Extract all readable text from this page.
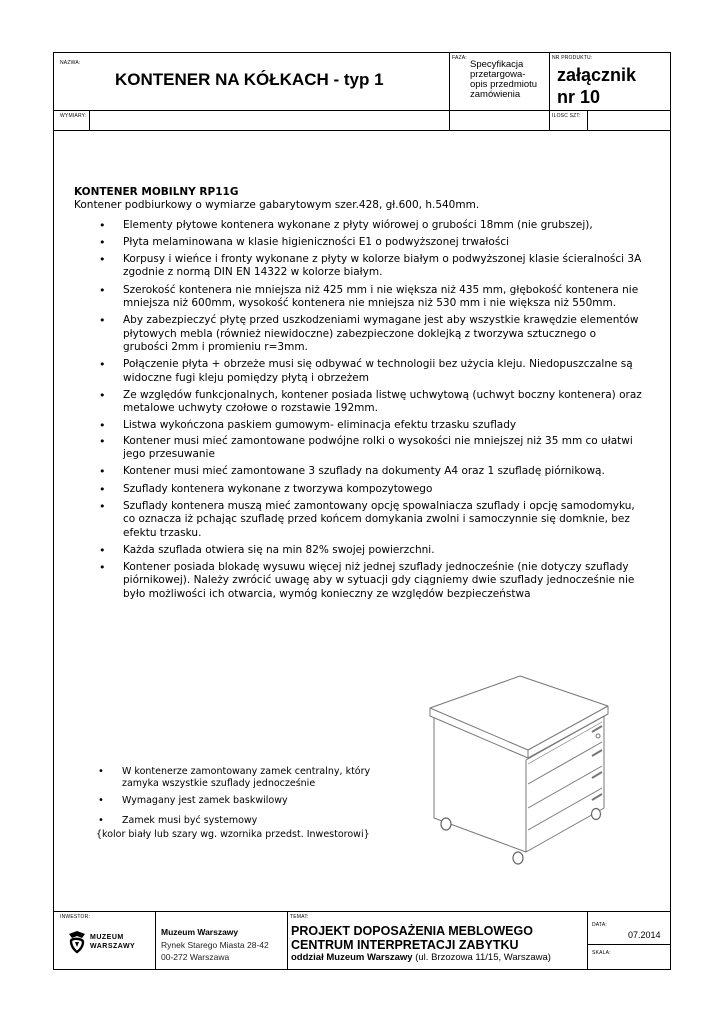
NAZWA:
KONTENER NA KÓŁKACH - typ 1
FAZA:
Specyfikacja
przetargowa-
opis przedmiotu
zamówienia
NR PRODUKTU:
załącznik
nr 10
WYMIARY:	ILOSC SZT:
KONTENER MOBILNY RP11G
Kontener podbiurkowy o wymiarze gabarytowym szer.428, gł.600, h.540mm.
• Elementy płytowe kontenera wykonane z płyty wiórowej o grubości 18mm (nie grubszej),
• Płyta melaminowana w klasie higieniczności E1 o podwyższonej trwałości
• Korpusy i wieńce i fronty wykonane z płyty w kolorze białym o podwyższonej klasie ścieralności 3A zgodnie z normą DIN EN 14322 w kolorze białym.
• Szerokość kontenera nie mniejsza niż 425 mm i nie większa niż 435 mm, głębokość kontenera nie mniejsza niż 600mm, wysokość kontenera nie mniejsza niż 530 mm i nie większa niż 550mm.
• Aby zabezpieczyć płytę przed uszkodzeniami wymagane jest aby wszystkie krawędzie elementów płytowych mebla (również niewidoczne) zabezpieczone doklejką z tworzywa sztucznego o grubości 2mm i promieniu r=3mm.
• Połączenie płyta + obrzeże musi się odbywać w technologii bez użycia kleju. Niedopuszczalne są widoczne fugi kleju pomiędzy płytą i obrzeżem
• Ze względów funkcjonalnych, kontener posiada listwę uchwytową (uchwyt boczny kontenera) oraz metalowe uchwyty czołowe o rozstawie 192mm.
• Listwa wykończona paskiem gumowym- eliminacja efektu trzasku szuflady
• Kontener musi mieć zamontowane podwójne rolki o wysokości nie mniejszej niż 35 mm co ułatwi jego przesuwanie
• Kontener musi mieć zamontowane 3 szuflady na dokumenty A4 oraz 1 szufladę piórnikową.
• Szuflady kontenera wykonane z tworzywa kompozytowego
• Szuflady kontenera muszą mieć zamontowany opcję spowalniacza szuflady i opcję samodomyku, co oznacza iż pchając szufladę przed końcem domykania zwolni i samoczynnie się domknie, bez efektu trzasku.
• Każda szuflada otwiera się na min 82% swojej powierzchni.
• Kontener posiada blokadę wysuwu więcej niż jednej szuflady jednocześnie (nie dotyczy szuflady piórnikowej). Należy zwrócić uwagę aby w sytuacji gdy ciągniemy dwie szuflady jednocześnie nie było możliwości ich otwarcia, wymóg konieczny ze względów bezpieczeństwa
• W kontenerze zamontowany zamek centralny, który zamyka wszystkie szuflady jednocześnie
• Wymagany jest zamek baskwilowy
• Zamek musi być systemowy
{kolor biały lub szary wg. wzornika przedst. Inwestorowi}
INWESTOR:
MUZEUM
WARSZAWY
Muzeum Warszawy
Rynek Starego Miasta 28-42
00-272 Warszawa
TEMAT:
PROJEKT DOPOSAŻENIA MEBLOWEGO
CENTRUM INTERPRETACJI ZABYTKU
oddział Muzeum Warszawy (ul. Brzozowa 11/15, Warszawa)
DATA:
07.2014
SKALA:
